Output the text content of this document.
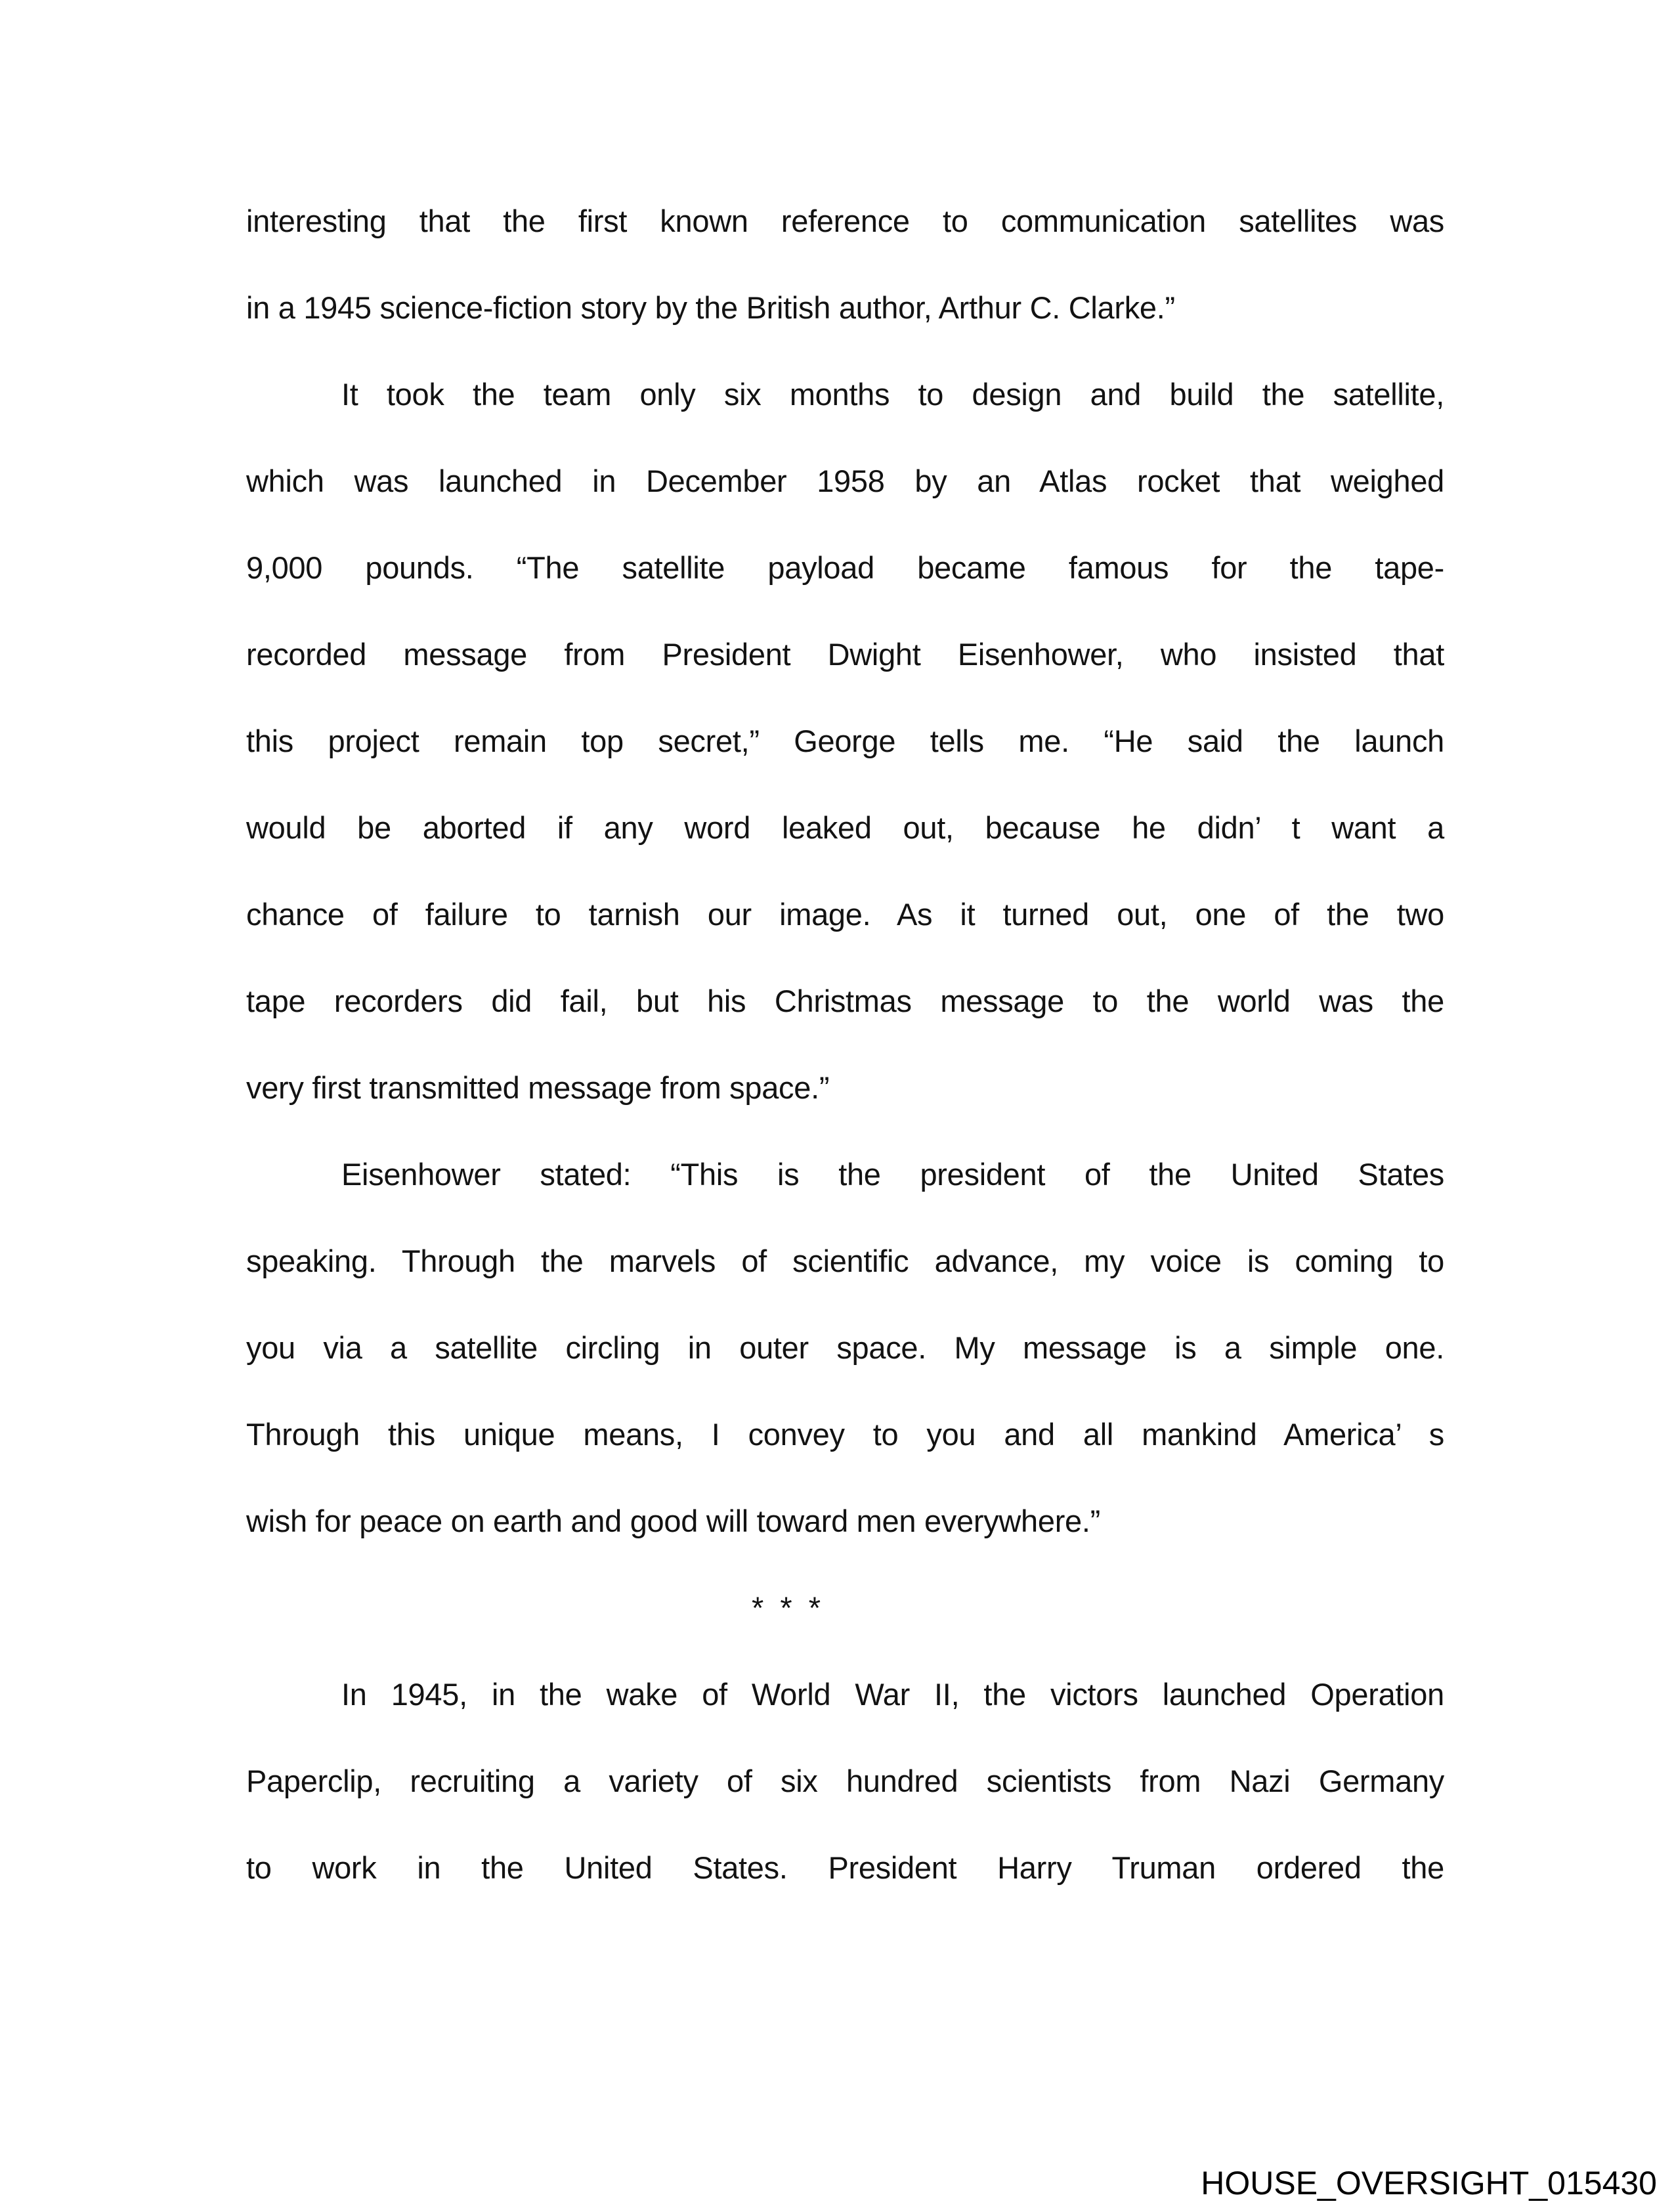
interesting that the first known reference to communication satellites was
in a 1945 science-fiction story by the British author, Arthur C. Clarke.”
It took the team only six months to design and build the satellite,
which was launched in December 1958 by an Atlas rocket that weighed
9,000 pounds. “The satellite payload became famous for the tape-
recorded message from President Dwight Eisenhower, who insisted that
this project remain top secret,” George tells me. “He said the launch
would be aborted if any word leaked out, because he didn’ t want a
chance of failure to tarnish our image. As it turned out, one of the two
tape recorders did fail, but his Christmas message to the world was the
very first transmitted message from space.”
Eisenhower stated: “This is the president of the United States
speaking. Through the marvels of scientific advance, my voice is coming to
you via a satellite circling in outer space. My message is a simple one.
Through this unique means, I convey to you and all mankind America’ s
wish for peace on earth and good will toward men everywhere.”
* * *
In 1945, in the wake of World War II, the victors launched Operation
Paperclip, recruiting a variety of six hundred scientists from Nazi Germany
to work in the United States. President Harry Truman ordered the
HOUSE_OVERSIGHT_015430
